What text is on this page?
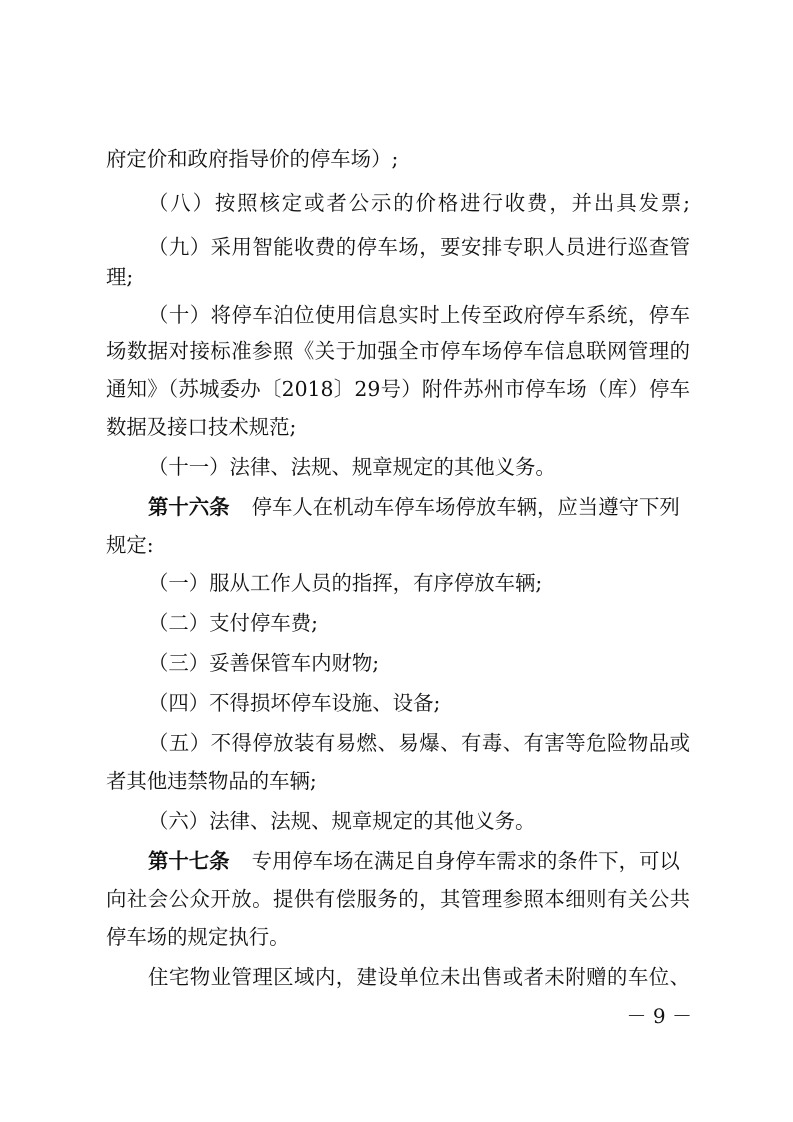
府定价和政府指导价的停车场）;
（八）按照核定或者公示的价格进行收费，并出具发票;
（九）采用智能收费的停车场，要安排专职人员进行巡查管
理;
（十）将停车泊位使用信息实时上传至政府停车系统，停车
场数据对接标准参照《关于加强全市停车场停车信息联网管理的
通知》（苏城委办〔2018〕29号）附件苏州市停车场（库）停车
数据及接口技术规范;
（十一）法律、法规、规章规定的其他义务。
第十六条 停车人在机动车停车场停放车辆，应当遵守下列
规定:
（一）服从工作人员的指挥，有序停放车辆;
（二）支付停车费;
（三）妥善保管车内财物;
（四）不得损坏停车设施、设备;
（五）不得停放装有易燃、易爆、有毒、有害等危险物品或
者其他违禁物品的车辆;
（六）法律、法规、规章规定的其他义务。
第十七条 专用停车场在满足自身停车需求的条件下，可以
向社会公众开放。提供有偿服务的，其管理参照本细则有关公共
停车场的规定执行。
住宅物业管理区域内，建设单位未出售或者未附赠的车位、
－ 9 －
